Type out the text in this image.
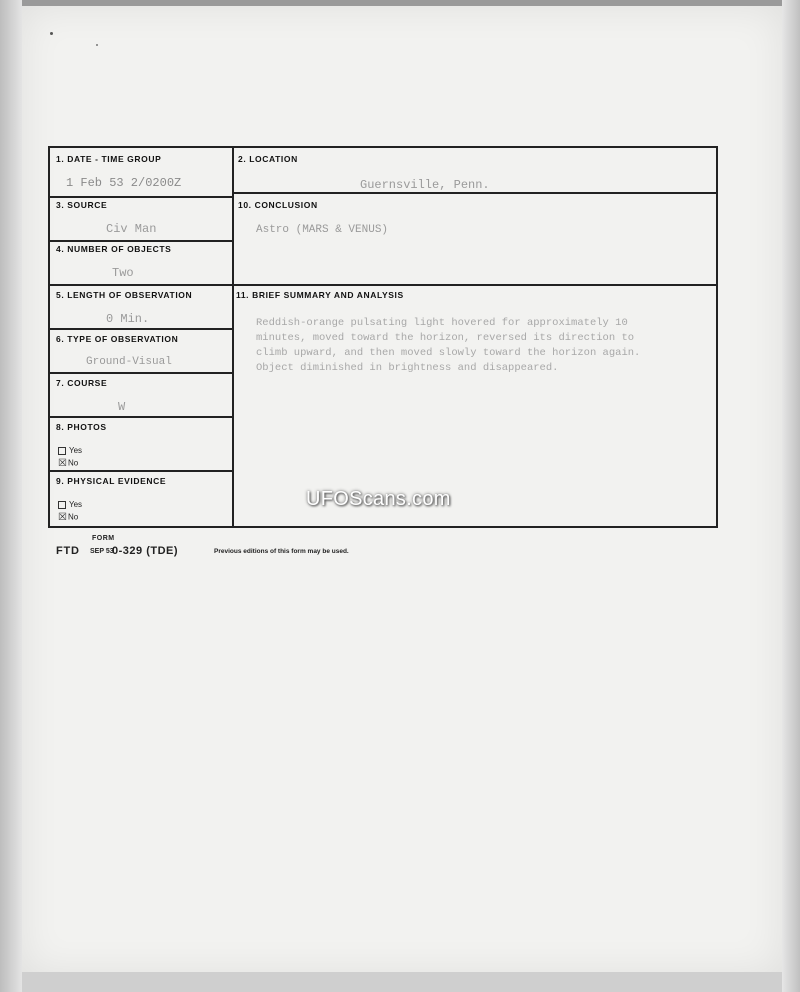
1. DATE - TIME GROUP
1 Feb 53 2/0200Z
3. SOURCE
Civ Man
4. NUMBER OF OBJECTS
Two
5. LENGTH OF OBSERVATION
0 Min.
6. TYPE OF OBSERVATION
Ground-Visual
7. COURSE
W
8. PHOTOS
Yes
☒No
9. PHYSICAL EVIDENCE
Yes
☒No
2. LOCATION
Guernsville, Penn.
10. CONCLUSION
Astro (MARS & VENUS)
11. BRIEF SUMMARY AND ANALYSIS
Reddish-orange pulsating light hovered for approximately 10
minutes, moved toward the horizon, reversed its direction to
climb upward, and then moved slowly toward the horizon again.
Object diminished in brightness and disappeared.
UFOScans.com
FORM
FTD SEP 53
0-329 (TDE)	Previous editions of this form may be used.
